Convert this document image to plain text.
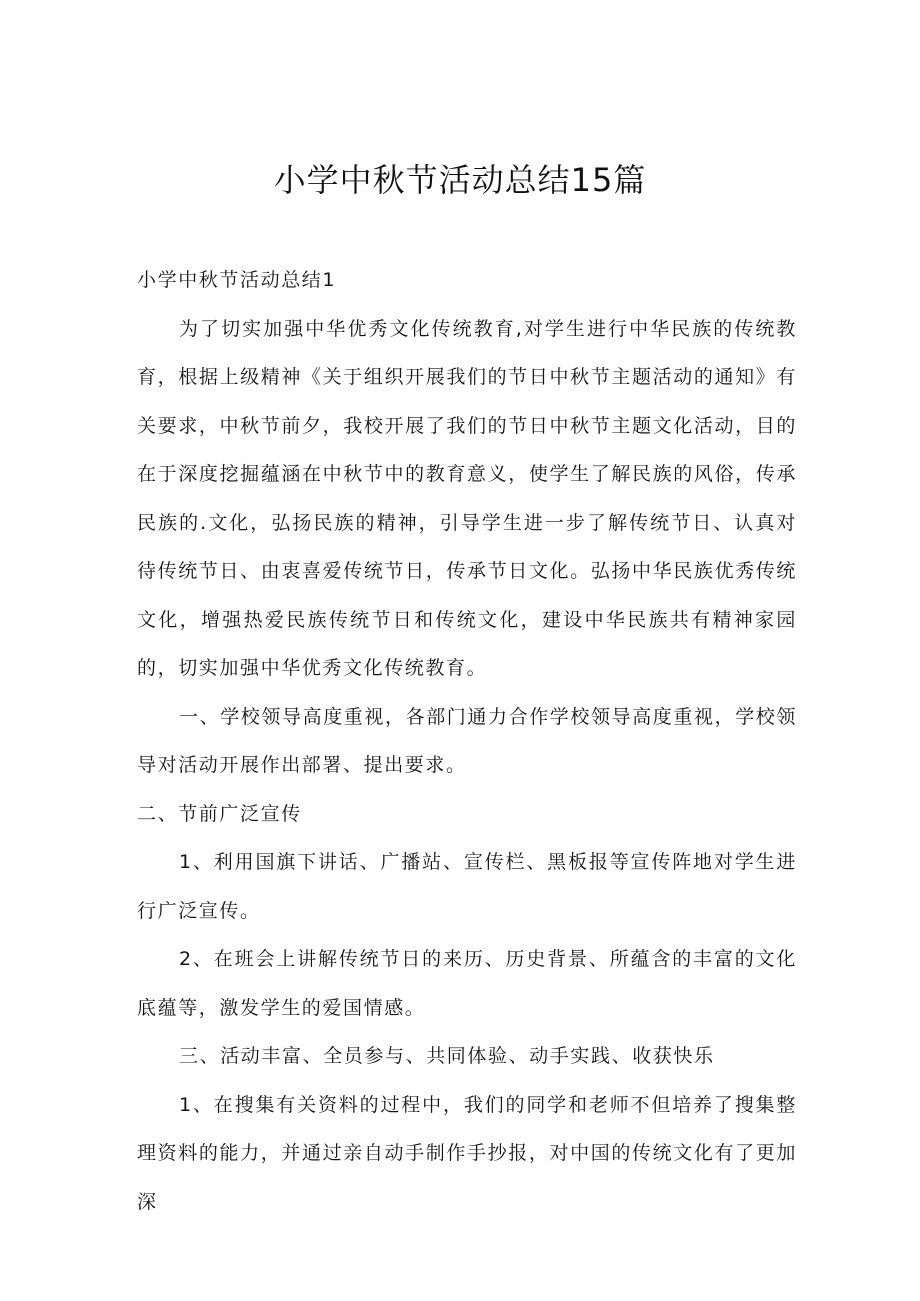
小学中秋节活动总结15篇

小学中秋节活动总结1

为了切实加强中华优秀文化传统教育,对学生进行中华民族的传统教育，根据上级精神《关于组织开展我们的节日中秋节主题活动的通知》有关要求，中秋节前夕，我校开展了我们的节日中秋节主题文化活动，目的在于深度挖掘蕴涵在中秋节中的教育意义，使学生了解民族的风俗，传承民族的.文化，弘扬民族的精神，引导学生进一步了解传统节日、认真对待传统节日、由衷喜爱传统节日，传承节日文化。弘扬中华民族优秀传统文化，增强热爱民族传统节日和传统文化，建设中华民族共有精神家园的，切实加强中华优秀文化传统教育。

一、学校领导高度重视，各部门通力合作学校领导高度重视，学校领导对活动开展作出部署、提出要求。

二、节前广泛宣传

1、利用国旗下讲话、广播站、宣传栏、黑板报等宣传阵地对学生进行广泛宣传。

2、在班会上讲解传统节日的来历、历史背景、所蕴含的丰富的文化底蕴等，激发学生的爱国情感。

三、活动丰富、全员参与、共同体验、动手实践、收获快乐

1、在搜集有关资料的过程中，我们的同学和老师不但培养了搜集整理资料的能力，并通过亲自动手制作手抄报，对中国的传统文化有了更加深
